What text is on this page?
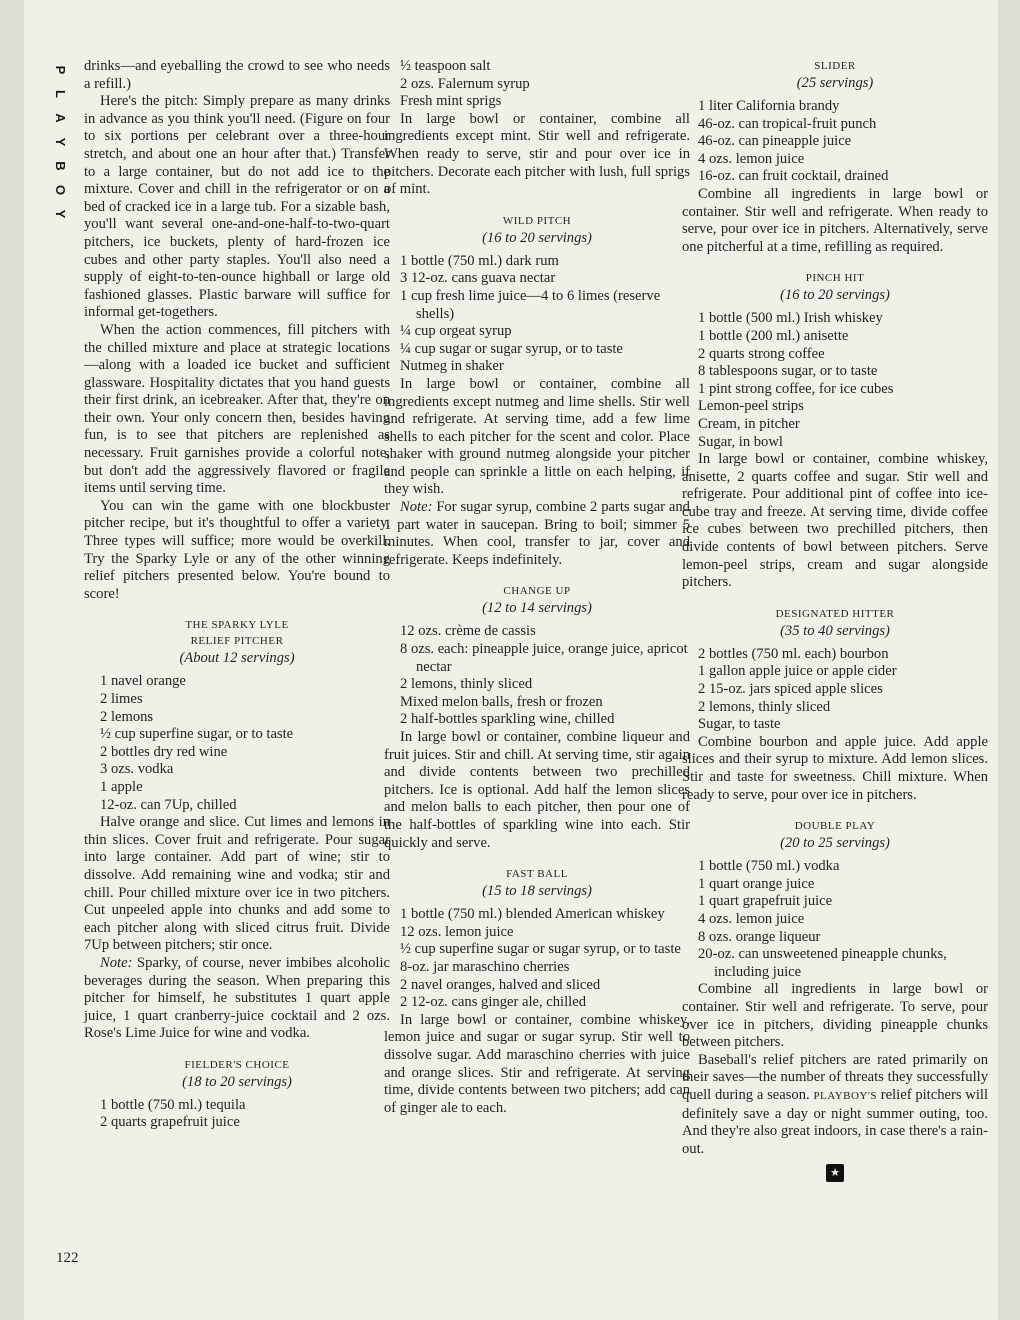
P
L
A
Y
B
O
Y
122

drinks—and eyeballing the crowd to see who needs a refill.)

Here's the pitch: Simply prepare as many drinks in advance as you think you'll need. (Figure on four to six portions per celebrant over a three-hour stretch, and about one an hour after that.) Transfer to a large container, but do not add ice to the mixture. Cover and chill in the refrigerator or on a bed of cracked ice in a large tub. For a sizable bash, you'll want several one-and-one-half-to-two-quart pitchers, ice buckets, plenty of hard-frozen ice cubes and other party staples. You'll also need a supply of eight-to-ten-ounce highball or large old fashioned glasses. Plastic barware will suffice for informal get-togethers.

When the action commences, fill pitchers with the chilled mixture and place at strategic locations—along with a loaded ice bucket and sufficient glassware. Hospitality dictates that you hand guests their first drink, an icebreaker. After that, they're on their own. Your only concern then, besides having fun, is to see that pitchers are replenished as necessary. Fruit garnishes provide a colorful note, but don't add the aggressively flavored or fragile items until serving time.

You can win the game with one blockbuster pitcher recipe, but it's thoughtful to offer a variety. Three types will suffice; more would be overkill. Try the Sparky Lyle or any of the other winning relief pitchers presented below. You're bound to score!

THE SPARKY LYLE
RELIEF PITCHER
(About 12 servings)
1 navel orange
2 limes
2 lemons
½ cup superfine sugar, or to taste
2 bottles dry red wine
3 ozs. vodka
1 apple
12-oz. can 7Up, chilled

Halve orange and slice. Cut limes and lemons in thin slices. Cover fruit and refrigerate. Pour sugar into large container. Add part of wine; stir to dissolve. Add remaining wine and vodka; stir and chill. Pour chilled mixture over ice in two pitchers. Cut unpeeled apple into chunks and add some to each pitcher along with sliced citrus fruit. Divide 7Up between pitchers; stir once.

Note: Sparky, of course, never imbibes alcoholic beverages during the season. When preparing this pitcher for himself, he substitutes 1 quart apple juice, 1 quart cranberry-juice cocktail and 2 ozs. Rose's Lime Juice for wine and vodka.

FIELDER'S CHOICE
(18 to 20 servings)
1 bottle (750 ml.) tequila
2 quarts grapefruit juice
½ teaspoon salt
2 ozs. Falernum syrup
Fresh mint sprigs

In large bowl or container, combine all ingredients except mint. Stir well and refrigerate. When ready to serve, stir and pour over ice in pitchers. Decorate each pitcher with lush, full sprigs of mint.

WILD PITCH
(16 to 20 servings)
1 bottle (750 ml.) dark rum
3 12-oz. cans guava nectar
1 cup fresh lime juice—4 to 6 limes (reserve shells)
¼ cup orgeat syrup
¼ cup sugar or sugar syrup, or to taste
Nutmeg in shaker

In large bowl or container, combine all ingredients except nutmeg and lime shells. Stir well and refrigerate. At serving time, add a few lime shells to each pitcher for the scent and color. Place shaker with ground nutmeg alongside your pitcher and people can sprinkle a little on each helping, if they wish.

Note: For sugar syrup, combine 2 parts sugar and 1 part water in saucepan. Bring to boil; simmer 5 minutes. When cool, transfer to jar, cover and refrigerate. Keeps indefinitely.

CHANGE UP
(12 to 14 servings)
12 ozs. crème de cassis
8 ozs. each: pineapple juice, orange juice, apricot nectar
2 lemons, thinly sliced
Mixed melon balls, fresh or frozen
2 half-bottles sparkling wine, chilled

In large bowl or container, combine liqueur and fruit juices. Stir and chill. At serving time, stir again and divide contents between two prechilled pitchers. Ice is optional. Add half the lemon slices and melon balls to each pitcher, then pour one of the half-bottles of sparkling wine into each. Stir quickly and serve.

FAST BALL
(15 to 18 servings)
1 bottle (750 ml.) blended American whiskey
12 ozs. lemon juice
½ cup superfine sugar or sugar syrup, or to taste
8-oz. jar maraschino cherries
2 navel oranges, halved and sliced
2 12-oz. cans ginger ale, chilled

In large bowl or container, combine whiskey, lemon juice and sugar or sugar syrup. Stir well to dissolve sugar. Add maraschino cherries with juice and orange slices. Stir and refrigerate. At serving time, divide contents between two pitchers; add can of ginger ale to each.

SLIDER
(25 servings)
1 liter California brandy
46-oz. can tropical-fruit punch
46-oz. can pineapple juice
4 ozs. lemon juice
16-oz. can fruit cocktail, drained

Combine all ingredients in large bowl or container. Stir well and refrigerate. When ready to serve, pour over ice in pitchers. Alternatively, serve one pitcherful at a time, refilling as required.

PINCH HIT
(16 to 20 servings)
1 bottle (500 ml.) Irish whiskey
1 bottle (200 ml.) anisette
2 quarts strong coffee
8 tablespoons sugar, or to taste
1 pint strong coffee, for ice cubes
Lemon-peel strips
Cream, in pitcher
Sugar, in bowl

In large bowl or container, combine whiskey, anisette, 2 quarts coffee and sugar. Stir well and refrigerate. Pour additional pint of coffee into ice-cube tray and freeze. At serving time, divide coffee ice cubes between two prechilled pitchers, then divide contents of bowl between pitchers. Serve lemon-peel strips, cream and sugar alongside pitchers.

DESIGNATED HITTER
(35 to 40 servings)
2 bottles (750 ml. each) bourbon
1 gallon apple juice or apple cider
2 15-oz. jars spiced apple slices
2 lemons, thinly sliced
Sugar, to taste

Combine bourbon and apple juice. Add apple slices and their syrup to mixture. Add lemon slices. Stir and taste for sweetness. Chill mixture. When ready to serve, pour over ice in pitchers.

DOUBLE PLAY
(20 to 25 servings)
1 bottle (750 ml.) vodka
1 quart orange juice
1 quart grapefruit juice
4 ozs. lemon juice
8 ozs. orange liqueur
20-oz. can unsweetened pineapple chunks, including juice

Combine all ingredients in large bowl or container. Stir well and refrigerate. To serve, pour over ice in pitchers, dividing pineapple chunks between pitchers.

Baseball's relief pitchers are rated primarily on their saves—the number of threats they successfully quell during a season. PLAYBOY'S relief pitchers will definitely save a day or night summer outing, too. And they're also great indoors, in case there's a rain-out.

★
